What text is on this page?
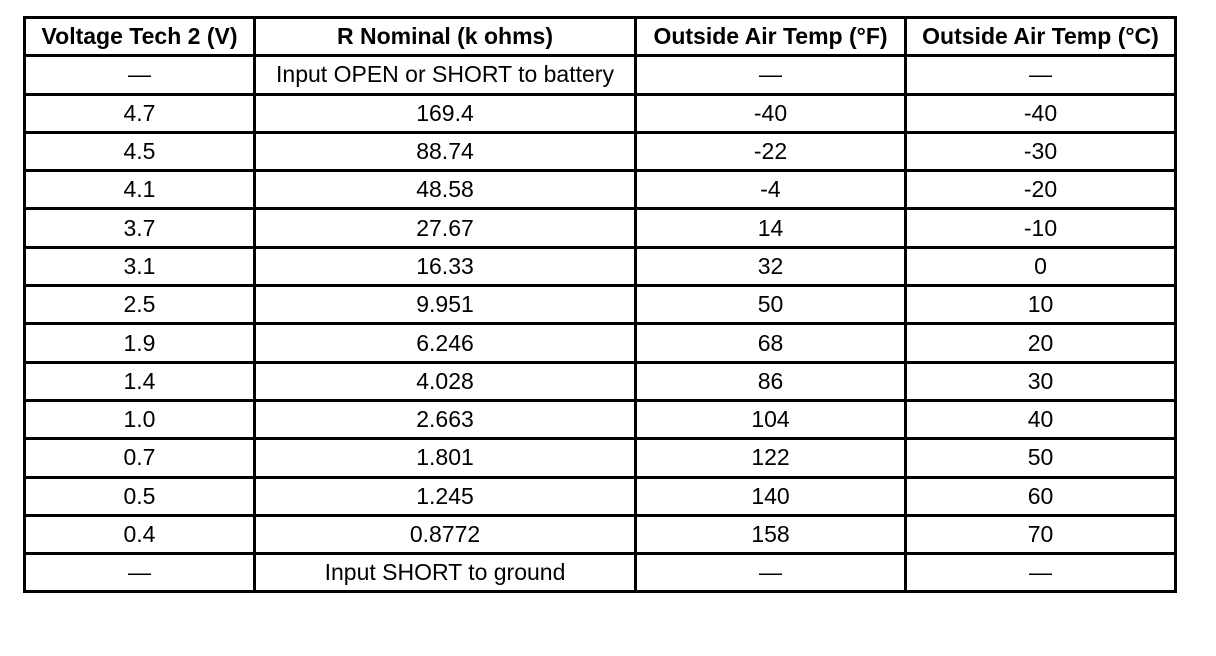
Voltage Tech 2 (V)	R Nominal (k ohms)	Outside Air Temp (°F)	Outside Air Temp (°C)
—	Input OPEN or SHORT to battery	—	—
4.7	169.4	-40	-40
4.5	88.74	-22	-30
4.1	48.58	-4	-20
3.7	27.67	14	-10
3.1	16.33	32	0
2.5	9.951	50	10
1.9	6.246	68	20
1.4	4.028	86	30
1.0	2.663	104	40
0.7	1.801	122	50
0.5	1.245	140	60
0.4	0.8772	158	70
—	Input SHORT to ground	—	—
